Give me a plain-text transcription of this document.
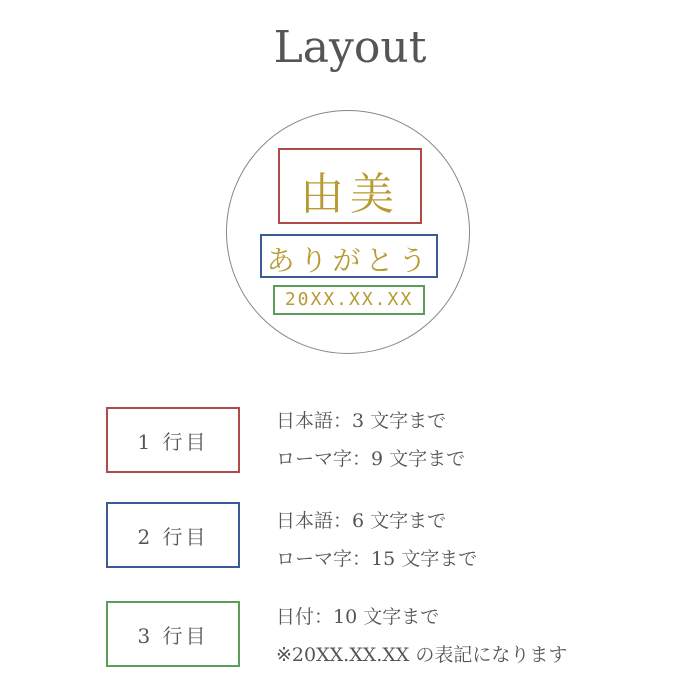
Layout
由美
ありがとう
20XX.XX.XX
1 行目
日本語：3 文字まで
ローマ字：9 文字まで
2 行目
日本語：6 文字まで
ローマ字：15 文字まで
3 行目
日付：10 文字まで
※20XX.XX.XX の表記になります
